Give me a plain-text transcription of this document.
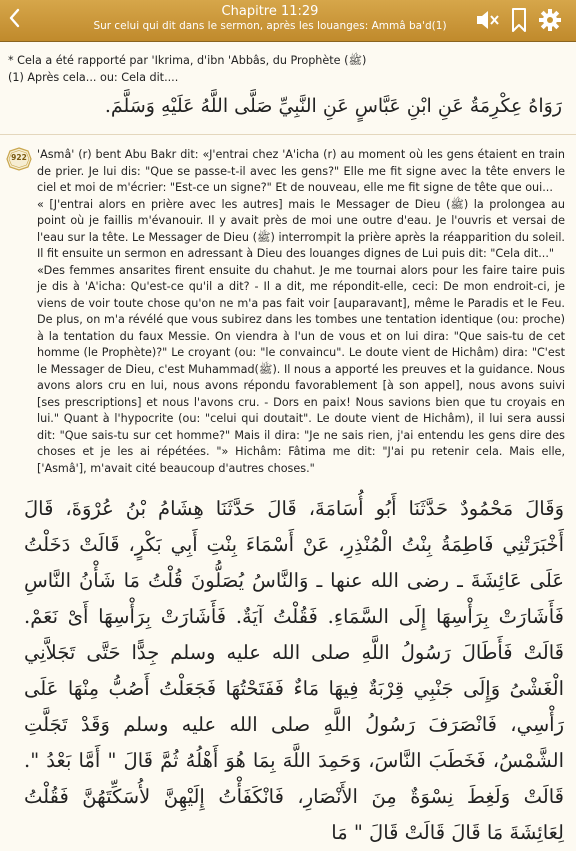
Chapitre 11:29
Sur celui qui dit dans le sermon, après les louanges: Ammâ ba'd(1)
* Cela a été rapporté par 'Ikrima, d'ibn 'Abbâs, du Prophète (ﷺ)
(1) Après cela... ou: Cela dit....
رَوَاهُ عِكْرِمَةُ عَنِ ابْنِ عَبَّاسٍ عَنِ النَّبِيِّ صَلَّى اللَّهُ عَلَيْهِ وَسَلَّمَ.
922 'Asmâ' (r) bent Abu Bakr dit: «J'entrai chez 'A'icha (r) au moment où les gens étaient en train de prier. Je lui dis: "Que se passe-t-il avec les gens?" Elle me fit signe avec la tête envers le ciel et moi de m'écrier: "Est-ce un signe?" Et de nouveau, elle me fit signe de tête que oui...
« [J'entrai alors en prière avec les autres] mais le Messager de Dieu (ﷺ) la prolongea au point où je faillis m'évanouir. Il y avait près de moi une outre d'eau. Je l'ouvris et versai de l'eau sur la tête. Le Messager de Dieu (ﷺ) interrompit la prière après la réapparition du soleil. Il fit ensuite un sermon en adressant à Dieu des louanges dignes de Lui puis dit: "Cela dit..."
«Des femmes ansarites firent ensuite du chahut. Je me tournai alors pour les faire taire puis je dis à 'A'icha: Qu'est-ce qu'il a dit? - Il a dit, me répondit-elle, ceci: De mon endroit-ci, je viens de voir toute chose qu'on ne m'a pas fait voir [auparavant], même le Paradis et le Feu. De plus, on m'a révélé que vous subirez dans les tombes une tentation identique (ou: proche) à la tentation du faux Messie. On viendra à l'un de vous et on lui dira: "Que sais-tu de cet homme (le Prophète)?" Le croyant (ou: "le convaincu". Le doute vient de Hichâm) dira: "C'est le Messager de Dieu, c'est Muhammad(ﷺ). Il nous a apporté les preuves et la guidance. Nous avons alors cru en lui, nous avons répondu favorablement [à son appel], nous avons suivi [ses prescriptions] et nous l'avons cru. - Dors en paix! Nous savions bien que tu croyais en lui." Quant à l'hypocrite (ou: "celui qui doutait". Le doute vient de Hichâm), il lui sera aussi dit: "Que sais-tu sur cet homme?" Mais il dira: "Je ne sais rien, j'ai entendu les gens dire des choses et je les ai répétées. "» Hichâm: Fâtima me dit: "J'ai pu retenir cela. Mais elle, ['Asmâ'], m'avait cité beaucoup d'autres choses."

وَقَالَ مَحْمُودٌ حَدَّثَنَا أَبُو أُسَامَةَ، قَالَ حَدَّثَنَا هِشَامُ بْنُ عُرْوَةَ، قَالَ أَخْبَرَتْنِي فَاطِمَةُ بِنْتُ الْمُنْذِرِ، عَنْ أَسْمَاءَ بِنْتِ أَبِي بَكْرٍ، قَالَتْ دَخَلْتُ عَلَى عَائِشَةَ ـ رضى الله عنها ـ وَالنَّاسُ يُصَلُّونَ قُلْتُ مَا شَأْنُ النَّاسِ فَأَشَارَتْ بِرَأْسِهَا إِلَى السَّمَاءِ. فَقُلْتُ آيَةٌ. فَأَشَارَتْ بِرَأْسِهَا أَىْ نَعَمْ. قَالَتْ فَأَطَالَ رَسُولُ اللَّهِ صلى الله عليه وسلم جِدًّا حَتَّى تَجَلاَّنِي الْغَشْىُ وَإِلَى جَنْبِي قِرْبَةٌ فِيهَا مَاءٌ فَفَتَحْتُهَا فَجَعَلْتُ أَصُبُّ مِنْهَا عَلَى رَأْسِي، فَانْصَرَفَ رَسُولُ اللَّهِ صلى الله عليه وسلم وَقَدْ تَجَلَّتِ الشَّمْسُ، فَخَطَبَ النَّاسَ، وَحَمِدَ اللَّهَ بِمَا هُوَ أَهْلُهُ ثُمَّ قَالَ " أَمَّا بَعْدُ ". قَالَتْ وَلَغِطَ نِسْوَةٌ مِنَ الأَنْصَارِ، فَانْكَفَأْتُ إِلَيْهِنَّ لأُسَكِّتَهُنَّ فَقُلْتُ لِعَائِشَةَ مَا قَالَ قَالَتْ قَالَ " مَا
